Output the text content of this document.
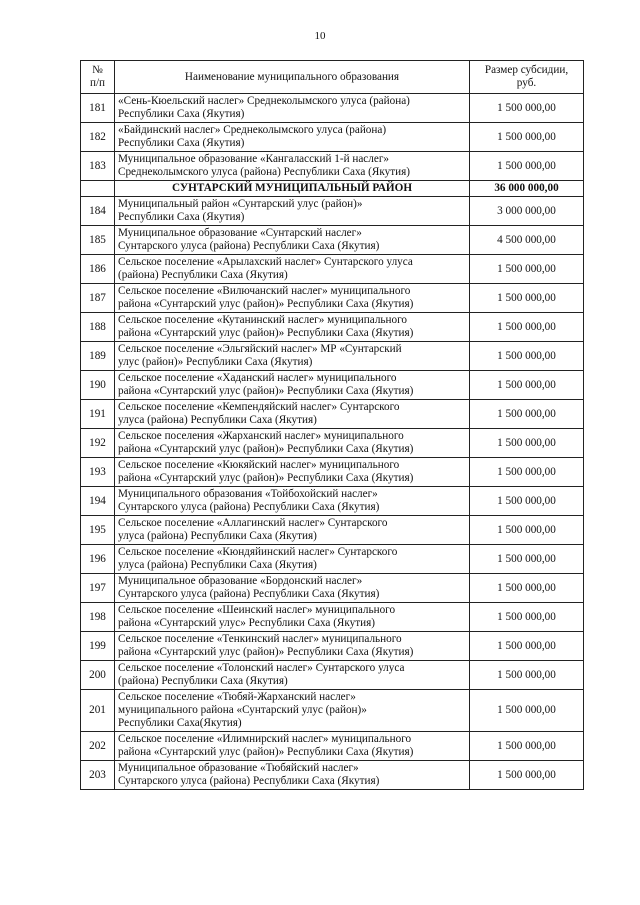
10
№
п/п	Наименование муниципального образования	Размер субсидии,
руб.
181	«Сень-Кюельский наслег» Среднеколымского улуса (района)
Республики Саха (Якутия)	1 500 000,00
182	«Байдинский наслег» Среднеколымского улуса (района)
Республики Саха (Якутия)	1 500 000,00
183	Муниципальное образование «Кангаласский 1-й наслег»
Среднеколымского улуса (района) Республики Саха (Якутия)	1 500 000,00
	СУНТАРСКИЙ МУНИЦИПАЛЬНЫЙ РАЙОН	36 000 000,00
184	Муниципальный район «Сунтарский улус (район)»
Республики Саха (Якутия)	3 000 000,00
185	Муниципальное образование «Сунтарский наслег»
Сунтарского улуса (района) Республики Саха (Якутия)	4 500 000,00
186	Сельское поселение «Арылахский наслег» Сунтарского улуса
(района) Республики Саха (Якутия)	1 500 000,00
187	Сельское поселение «Вилючанский наслег» муниципального
района «Сунтарский улус (район)» Республики Саха (Якутия)	1 500 000,00
188	Сельское поселение «Кутанинский наслег» муниципального
района «Сунтарский улус (район)» Республики Саха (Якутия)	1 500 000,00
189	Сельское поселение «Эльгяйский наслег» МР «Сунтарский
улус (район)» Республики Саха (Якутия)	1 500 000,00
190	Сельское поселение «Хаданский наслег» муниципального
района «Сунтарский улус (район)» Республики Саха (Якутия)	1 500 000,00
191	Сельское поселение «Кемпендяйский наслег» Сунтарского
улуса (района) Республики Саха (Якутия)	1 500 000,00
192	Сельское поселения «Жарханский наслег» муниципального
района «Сунтарский улус (район)» Республики Саха (Якутия)	1 500 000,00
193	Сельское поселение «Кюкяйский наслег» муниципального
района «Сунтарский улус (район)» Республики Саха (Якутия)	1 500 000,00
194	Муниципального образования «Тойбохойский наслег»
Сунтарского улуса (района) Республики Саха (Якутия)	1 500 000,00
195	Сельское поселение «Аллагинский наслег» Сунтарского
улуса (района) Республики Саха (Якутия)	1 500 000,00
196	Сельское поселение «Кюндяйинский наслег» Сунтарского
улуса (района) Республики Саха (Якутия)	1 500 000,00
197	Муниципальное образование «Бордонский наслег»
Сунтарского улуса (района) Республики Саха (Якутия)	1 500 000,00
198	Сельское поселение «Шеинский наслег» муниципального
района «Сунтарский улус» Республики Саха (Якутия)	1 500 000,00
199	Сельское поселение «Тенкинский наслег» муниципального
района «Сунтарский улус (район)» Республики Саха (Якутия)	1 500 000,00
200	Сельское поселение «Толонский наслег» Сунтарского улуса
(района) Республики Саха (Якутия)	1 500 000,00
201	Сельское поселение «Тюбяй-Жарханский наслег»
муниципального района «Сунтарский улус (район)»
Республики Саха(Якутия)	1 500 000,00
202	Сельское поселение «Илимнирский наслег» муниципального
района «Сунтарский улус (район)» Республики Саха (Якутия)	1 500 000,00
203	Муниципальное образование «Тюбяйский наслег»
Сунтарского улуса (района) Республики Саха (Якутия)	1 500 000,00
